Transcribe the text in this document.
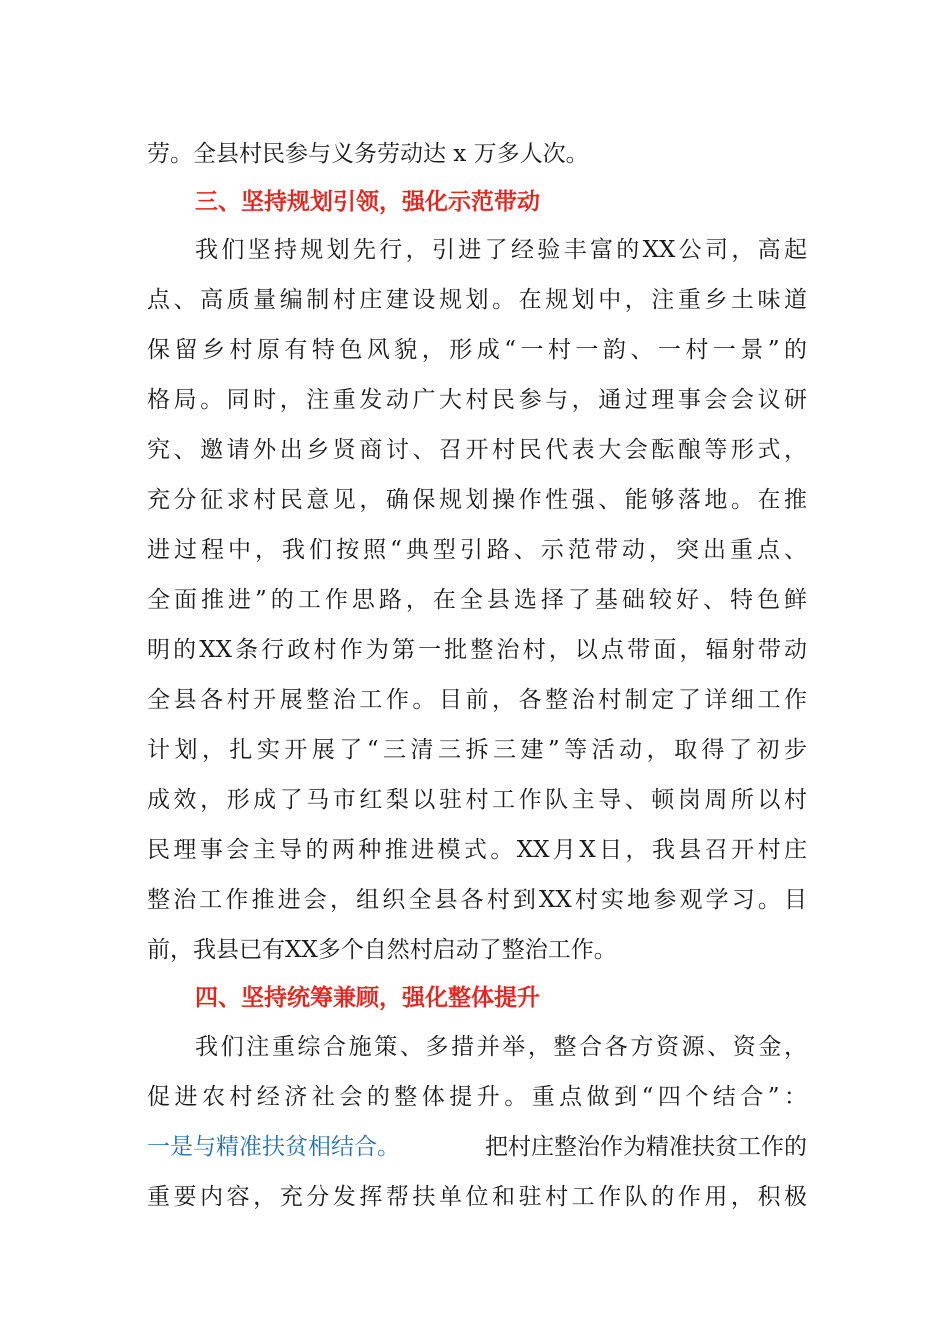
劳。全县村民参与义务劳动达 x 万多人次。
三、坚持规划引领，强化示范带动
我们坚持规划先行，引进了经验丰富的XX公司，高起
点、高质量编制村庄建设规划。在规划中，注重乡土味道
保留乡村原有特色风貌，形成“一村一韵、一村一景”的
格局。同时，注重发动广大村民参与，通过理事会会议研
究、邀请外出乡贤商讨、召开村民代表大会酝酿等形式，
充分征求村民意见，确保规划操作性强、能够落地。在推
进过程中，我们按照“典型引路、示范带动，突出重点、
全面推进”的工作思路，在全县选择了基础较好、特色鲜
明的XX条行政村作为第一批整治村，以点带面，辐射带动
全县各村开展整治工作。目前，各整治村制定了详细工作
计划，扎实开展了“三清三拆三建”等活动，取得了初步
成效，形成了马市红梨以驻村工作队主导、顿岗周所以村
民理事会主导的两种推进模式。XX月X日，我县召开村庄
整治工作推进会，组织全县各村到XX村实地参观学习。目
前，我县已有XX多个自然村启动了整治工作。
四、坚持统筹兼顾，强化整体提升
我们注重综合施策、多措并举，整合各方资源、资金，
促进农村经济社会的整体提升。重点做到“四个结合”：
一是与精准扶贫相结合。	把村庄整治作为精准扶贫工作的
重要内容，充分发挥帮扶单位和驻村工作队的作用，积极
